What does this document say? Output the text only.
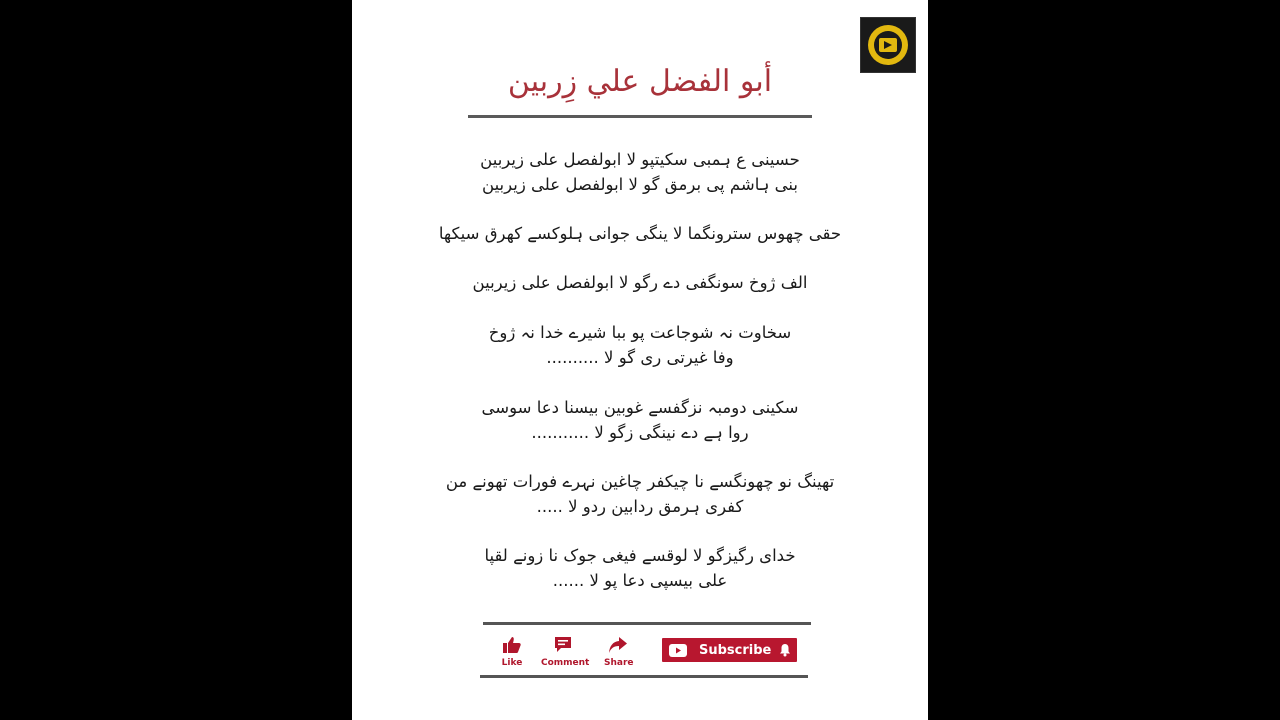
أبو الفضل علي زِربين
حسینی ع ہمبی سکیتپو لا ابولفصل علی زیربین
بنی ہاشم پی برمق گو لا ابولفصل علی زیربین
حقی چھوس سترونگما لا ینگی جوانی ہلوکسے کھرق سیکھا
الف ژوخ سونگفی دے رگو لا ابولفصل علی زیربین
سخاوت نہ شوجاعت پو ببا شیرے خدا نہ ژوخ
وفا غیرتی ری گو لا ..........
سکینی دومبہ نزگفسے غوبین بیسنا دعا سوسی
روا ہے دے نینگی زگو لا ...........
تھینگ نو چھونگسے نا چیکفر چاغین نہرے فورات تھونے من
کفری ہرمق ردابین ردو لا .....
خدای رگیزگو لا لوقسے فیغی جوک نا زونے لقپا
علی بیسپی دعا پو لا ......
Like Comment Share
Subscribe
